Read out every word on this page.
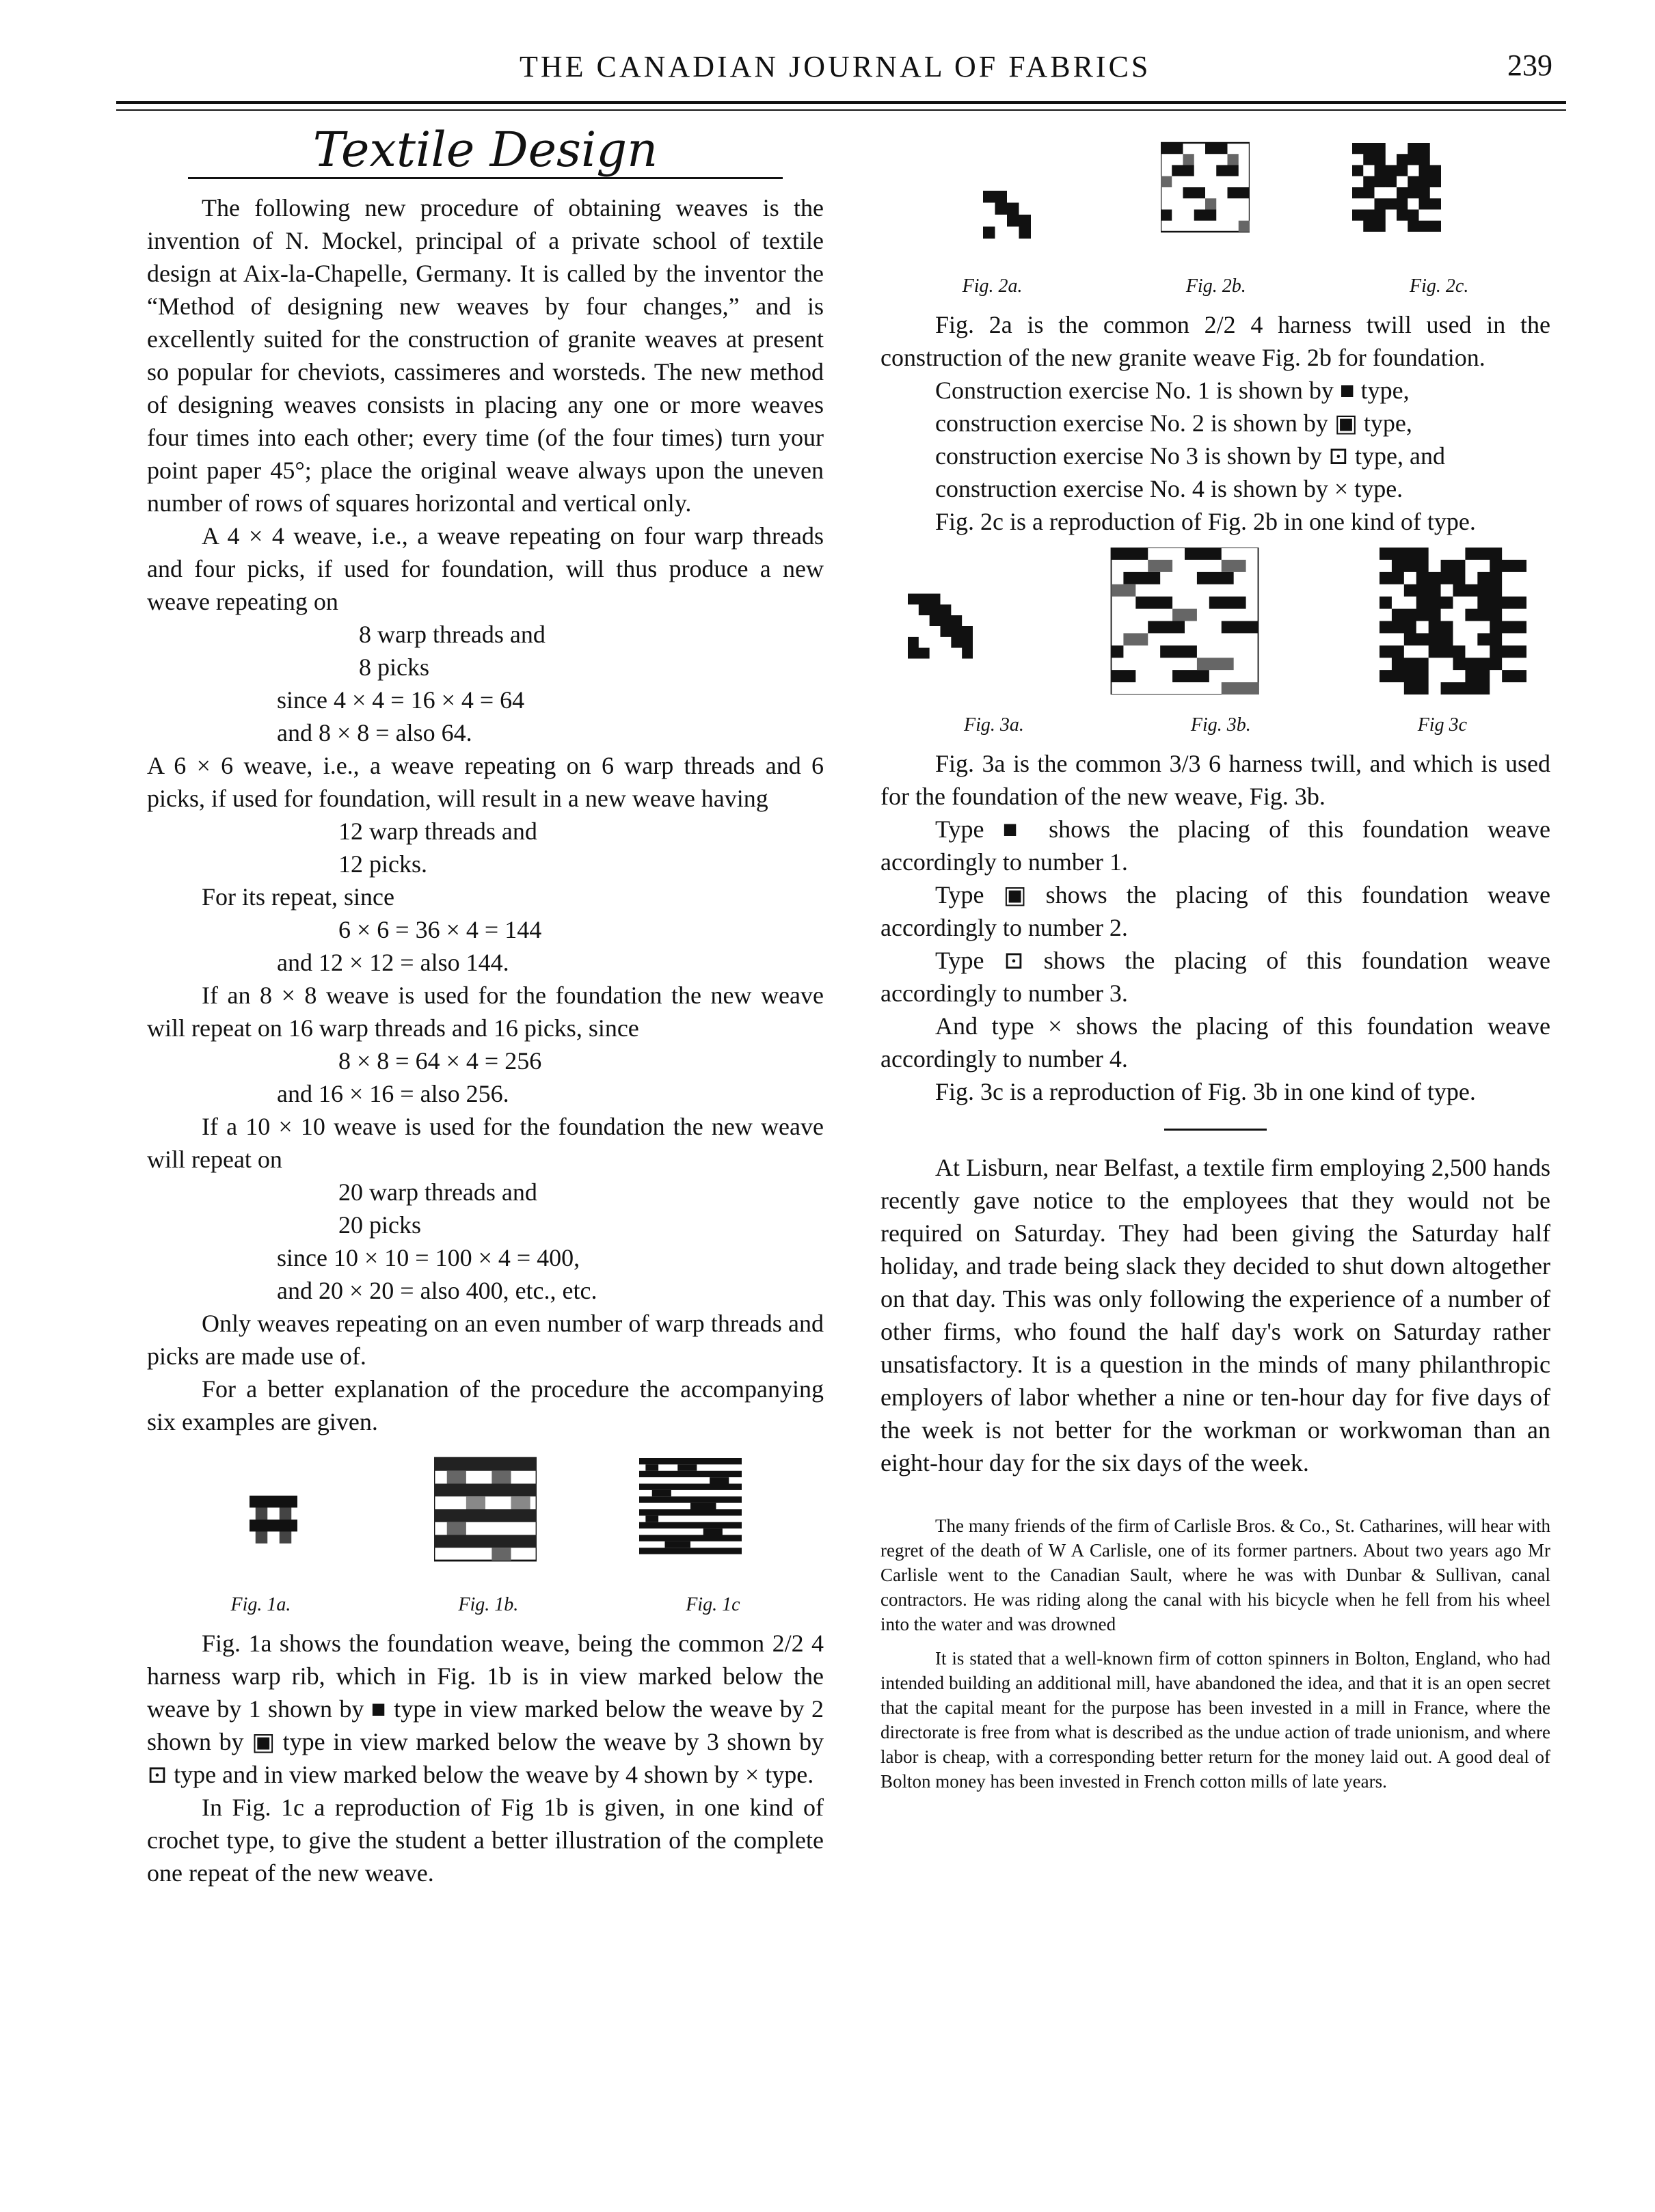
THE CANADIAN JOURNAL OF FABRICS	239
Textile Design

The following new procedure of obtaining weaves is the invention of N. Mockel, principal of a private school of textile design at Aix-la-Chapelle, Germany. It is called by the inventor the “Method of designing new weaves by four changes,” and is excellently suited for the construction of granite weaves at present so popular for cheviots, cassimeres and worsteds. The new method of designing weaves consists in placing any one or more weaves four times into each other; every time (of the four times) turn your point paper 45°; place the original weave always upon the uneven number of rows of squares horizontal and vertical only.

A 4 × 4 weave, i.e., a weave repeating on four warp threads and four picks, if used for foundation, will thus produce a new weave repeating on

8 warp threads and

8 picks

since 4 × 4 = 16 × 4 = 64

and 8 × 8 = also 64.

A 6 × 6 weave, i.e., a weave repeating on 6 warp threads and 6 picks, if used for foundation, will result in a new weave having

12 warp threads and

12 picks.

For its repeat, since

6 × 6 = 36 × 4 = 144

and 12 × 12 = also 144.

If an 8 × 8 weave is used for the foundation the new weave will repeat on 16 warp threads and 16 picks, since

8 × 8 = 64 × 4 = 256

and 16 × 16 = also 256.

If a 10 × 10 weave is used for the foundation the new weave will repeat on

20 warp threads and

20 picks

since 10 × 10 = 100 × 4 = 400,

and 20 × 20 = also 400, etc., etc.

Only weaves repeating on an even number of warp threads and picks are made use of.

For a better explanation of the procedure the accompanying six examples are given.

Fig. 1a.	Fig. 1b.	Fig. 1c

Fig. 1a shows the foundation weave, being the common 2/2 4 harness warp rib, which in Fig. 1b is in view marked below the weave by 1 shown by ■ type in view marked below the weave by 2 shown by ▣ type in view marked below the weave by 3 shown by ⊡ type and in view marked below the weave by 4 shown by × type.

In Fig. 1c a reproduction of Fig 1b is given, in one kind of crochet type, to give the student a better illustration of the complete one repeat of the new weave.

Fig. 2a.	Fig. 2b.	Fig. 2c.

Fig. 2a is the common 2/2 4 harness twill used in the construction of the new granite weave Fig. 2b for foundation.

Construction exercise No. 1 is shown by ■ type,

construction exercise No. 2 is shown by ▣ type,

construction exercise No 3 is shown by ⊡ type, and

construction exercise No. 4 is shown by × type.

Fig. 2c is a reproduction of Fig. 2b in one kind of type.

Fig. 3a.	Fig. 3b.	Fig 3c

Fig. 3a is the common 3/3 6 harness twill, and which is used for the foundation of the new weave, Fig. 3b.

Type ■ shows the placing of this foundation weave accordingly to number 1.

Type ▣ shows the placing of this foundation weave accordingly to number 2.

Type ⊡ shows the placing of this foundation weave accordingly to number 3.

And type × shows the placing of this foundation weave accordingly to number 4.

Fig. 3c is a reproduction of Fig. 3b in one kind of type.

At Lisburn, near Belfast, a textile firm employing 2,500 hands recently gave notice to the employees that they would not be required on Saturday. They had been giving the Saturday half holiday, and trade being slack they decided to shut down altogether on that day. This was only following the experience of a number of other firms, who found the half day's work on Saturday rather unsatisfactory. It is a question in the minds of many philanthropic employers of labor whether a nine or ten-hour day for five days of the week is not better for the workman or workwoman than an eight-hour day for the six days of the week.

The many friends of the firm of Carlisle Bros. & Co., St. Catharines, will hear with regret of the death of W A Carlisle, one of its former partners. About two years ago Mr Carlisle went to the Canadian Sault, where he was with Dunbar & Sullivan, canal contractors. He was riding along the canal with his bicycle when he fell from his wheel into the water and was drowned

It is stated that a well-known firm of cotton spinners in Bolton, England, who had intended building an additional mill, have abandoned the idea, and that it is an open secret that the capital meant for the purpose has been invested in a mill in France, where the directorate is free from what is described as the undue action of trade unionism, and where labor is cheap, with a corresponding better return for the money laid out. A good deal of Bolton money has been invested in French cotton mills of late years.
